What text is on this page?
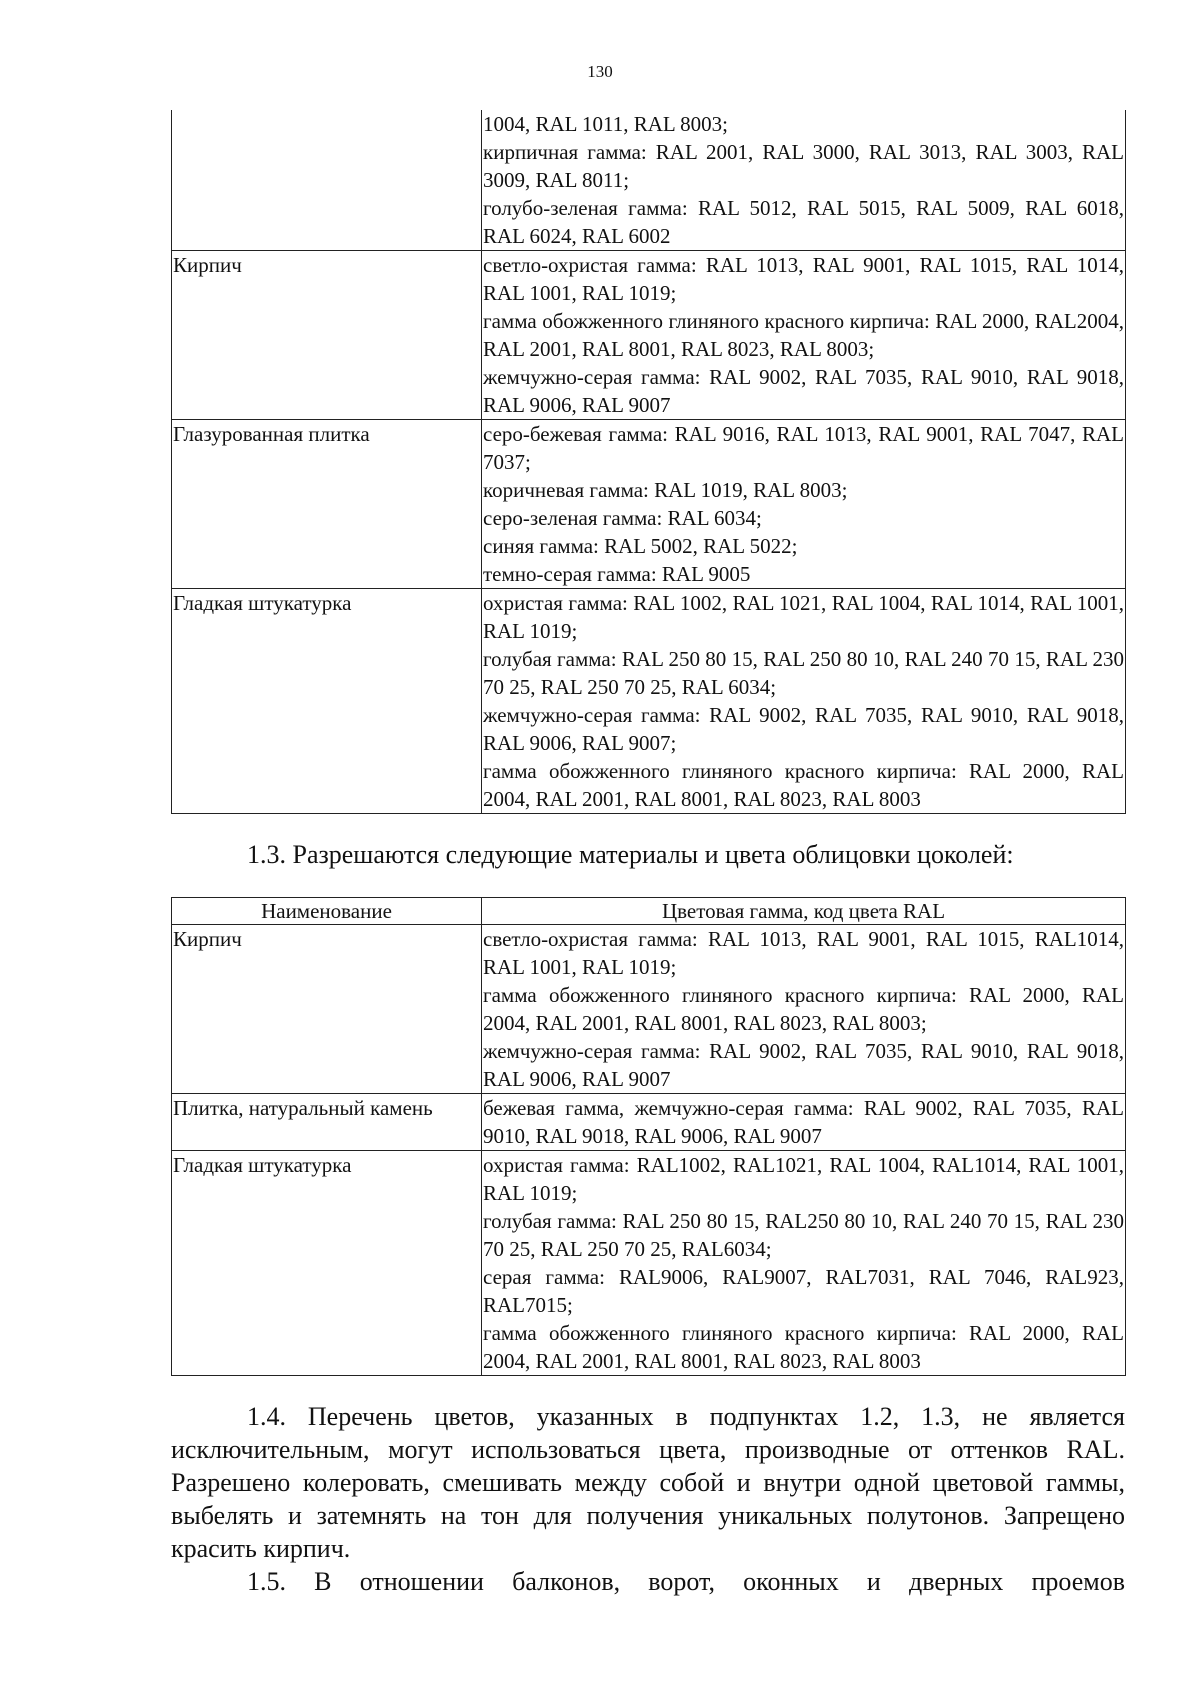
130

	1004, RAL 1011, RAL 8003;
кирпичная гамма: RAL 2001, RAL 3000, RAL 3013, RAL 3003, RAL 3009, RAL 8011;
голубо-зеленая гамма: RAL 5012, RAL 5015, RAL 5009, RAL 6018, RAL 6024, RAL 6002

Кирпич	светло-охристая гамма: RAL 1013, RAL 9001, RAL 1015, RAL 1014, RAL 1001, RAL 1019;
гамма обожженного глиняного красного кирпича: RAL 2000, RAL2004, RAL 2001, RAL 8001, RAL 8023, RAL 8003;
жемчужно-серая гамма: RAL 9002, RAL 7035, RAL 9010, RAL 9018, RAL 9006, RAL 9007

Глазурованная плитка	серо-бежевая гамма: RAL 9016, RAL 1013, RAL 9001, RAL 7047, RAL 7037;
коричневая гамма: RAL 1019, RAL 8003;
серо-зеленая гамма: RAL 6034;
синяя гамма: RAL 5002, RAL 5022;
темно-серая гамма: RAL 9005

Гладкая штукатурка	охристая гамма: RAL 1002, RAL 1021, RAL 1004, RAL 1014, RAL 1001, RAL 1019;
голубая гамма: RAL 250 80 15, RAL 250 80 10, RAL 240 70 15, RAL 230 70 25, RAL 250 70 25, RAL 6034;
жемчужно-серая гамма: RAL 9002, RAL 7035, RAL 9010, RAL 9018, RAL 9006, RAL 9007;
гамма обожженного глиняного красного кирпича: RAL 2000, RAL 2004, RAL 2001, RAL 8001, RAL 8023, RAL 8003
1.3. Разрешаются следующие материалы и цвета облицовки цоколей:
Наименование	Цветовая гамма, код цвета RAL
Кирпич	светло-охристая гамма: RAL 1013, RAL 9001, RAL 1015, RAL1014, RAL 1001, RAL 1019;
гамма обожженного глиняного красного кирпича: RAL 2000, RAL 2004, RAL 2001, RAL 8001, RAL 8023, RAL 8003;
жемчужно-серая гамма: RAL 9002, RAL 7035, RAL 9010, RAL 9018, RAL 9006, RAL 9007

Плитка, натуральный камень	бежевая гамма, жемчужно-серая гамма: RAL 9002, RAL 7035, RAL 9010, RAL 9018, RAL 9006, RAL 9007

Гладкая штукатурка	охристая гамма: RAL1002, RAL1021, RAL 1004, RAL1014, RAL 1001, RAL 1019;
голубая гамма: RAL 250 80 15, RAL250 80 10, RAL 240 70 15, RAL 230 70 25, RAL 250 70 25, RAL6034;
серая гамма: RAL9006, RAL9007, RAL7031, RAL 7046, RAL923, RAL7015;
гамма обожженного глиняного красного кирпича: RAL 2000, RAL 2004, RAL 2001, RAL 8001, RAL 8023, RAL 8003
1.4. Перечень цветов, указанных в подпунктах 1.2, 1.3, не является исключительным, могут использоваться цвета, производные от оттенков RAL. Разрешено колеровать, смешивать между собой и внутри одной цветовой гаммы, выбелять и затемнять на тон для получения уникальных полутонов. Запрещено красить кирпич.
1.5. В отношении балконов, ворот, оконных и дверных проемов
